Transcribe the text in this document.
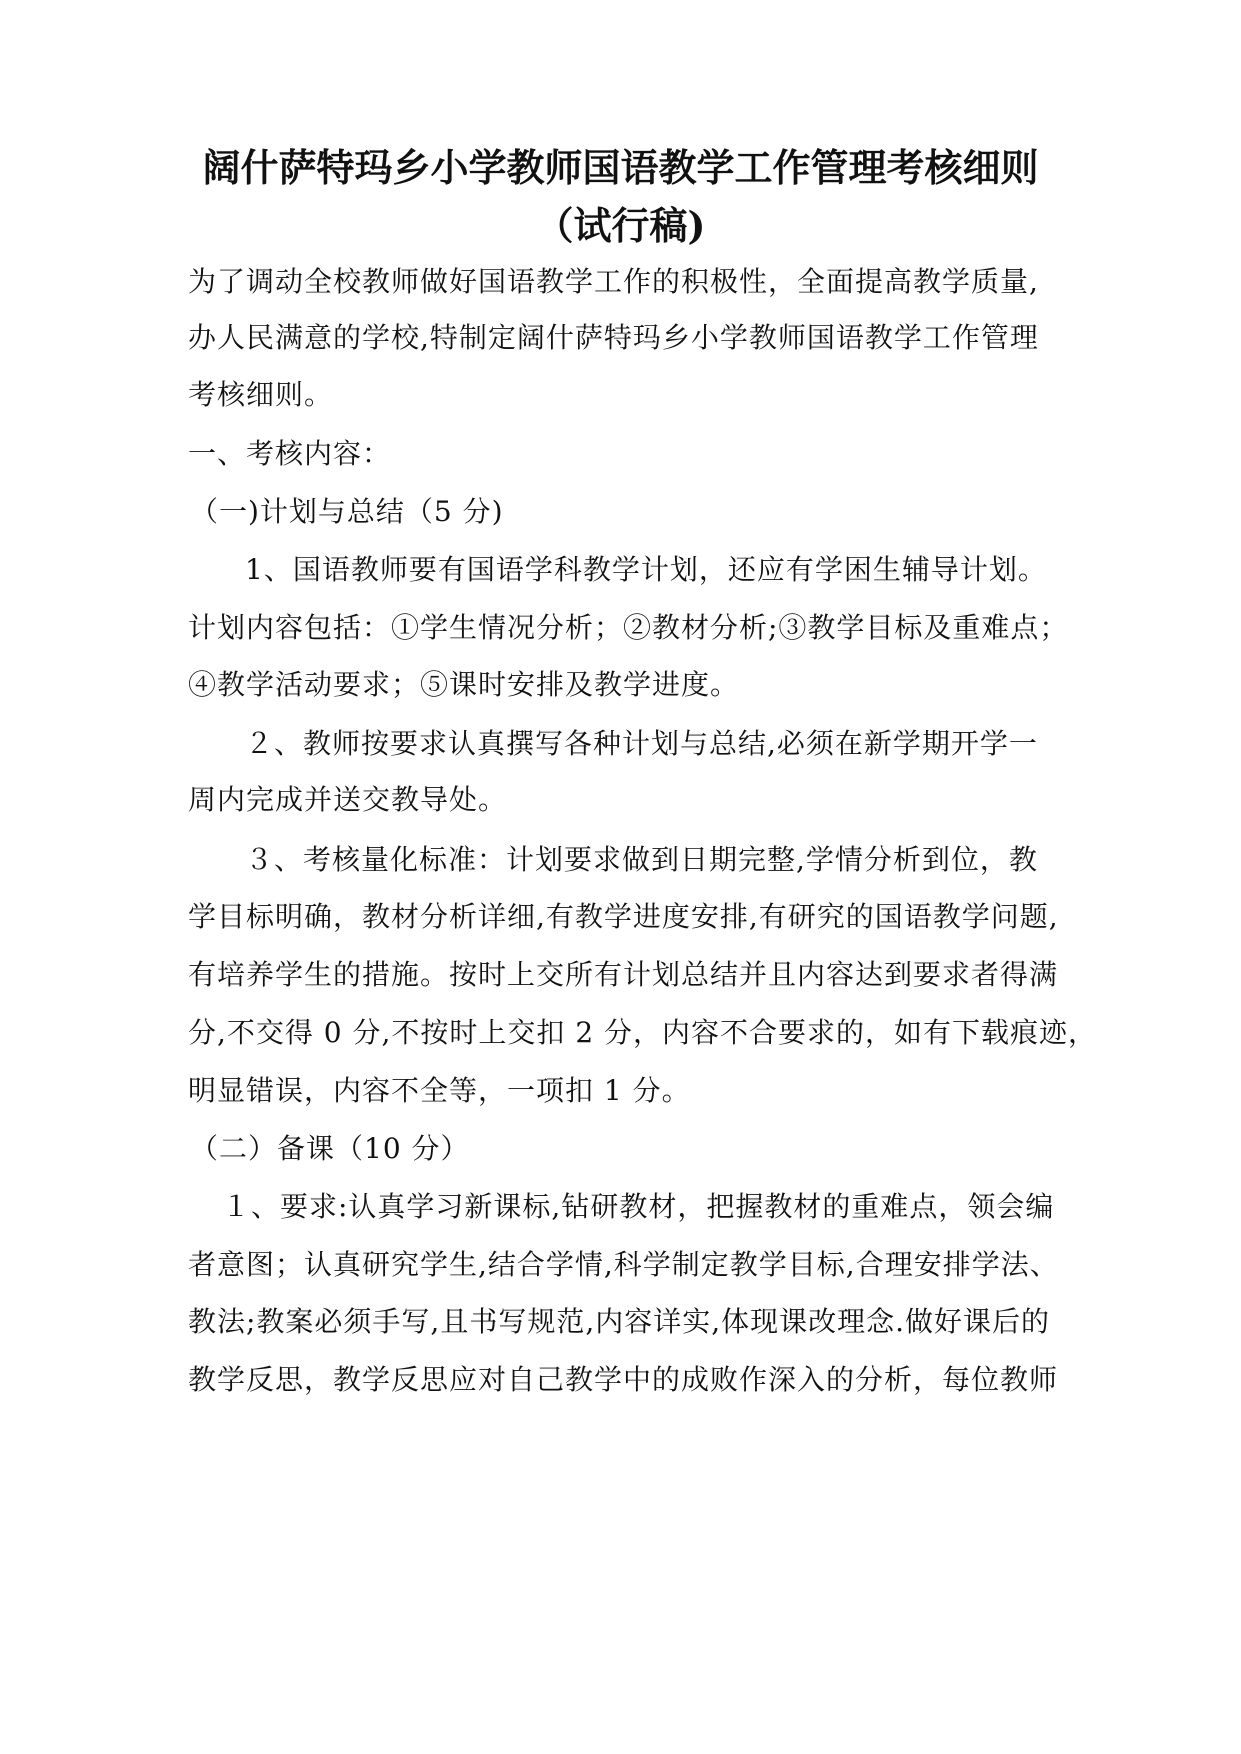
阔什萨特玛乡小学教师国语教学工作管理考核细则
（试行稿)
为了调动全校教师做好国语教学工作的积极性，全面提高教学质量,
办人民满意的学校,特制定阔什萨特玛乡小学教师国语教学工作管理
考核细则。
一、考核内容：
（一)计划与总结（5 分)
1、国语教师要有国语学科教学计划，还应有学困生辅导计划。
计划内容包括：①学生情况分析；②教材分析;③教学目标及重难点；
④教学活动要求；⑤课时安排及教学进度。
２、教师按要求认真撰写各种计划与总结,必须在新学期开学一
周内完成并送交教导处。
３、考核量化标准：计划要求做到日期完整,学情分析到位，教
学目标明确，教材分析详细,有教学进度安排,有研究的国语教学问题,
有培养学生的措施。按时上交所有计划总结并且内容达到要求者得满
分,不交得 0 分,不按时上交扣 2 分，内容不合要求的，如有下载痕迹，
明显错误，内容不全等，一项扣 1 分。
（二）备课（10 分）
１、要求:认真学习新课标,钻研教材，把握教材的重难点，领会编
者意图；认真研究学生,结合学情,科学制定教学目标,合理安排学法、
教法;教案必须手写,且书写规范,内容详实,体现课改理念.做好课后的
教学反思，教学反思应对自己教学中的成败作深入的分析，每位教师
